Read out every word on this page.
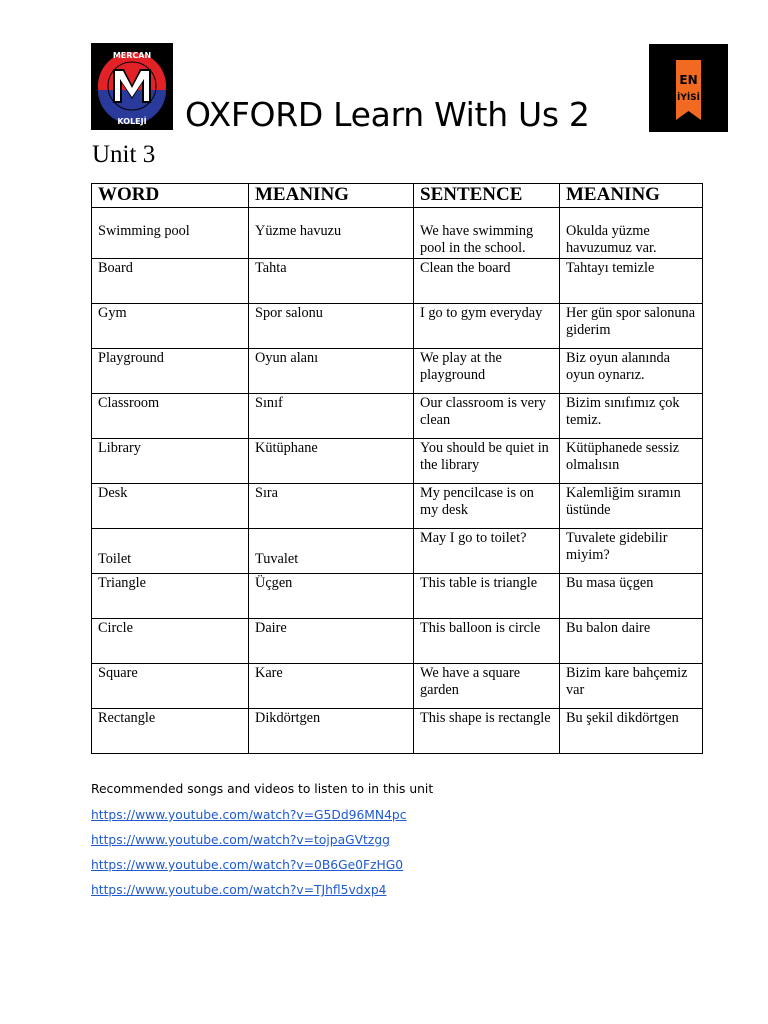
MERCAN
KOLEJİ OXFORD Learn With Us 2
EN
İYİSİ
Unit 3
WORD	MEANING	SENTENCE	MEANING
Swimming pool	Yüzme havuzu	We have swimming pool in the school.	Okulda yüzme havuzumuz var.
Board	Tahta	Clean the board	Tahtayı temizle
Gym	Spor salonu	I go to gym everyday	Her gün spor salonuna giderim
Playground	Oyun alanı	We play at the playground	Biz oyun alanında oyun oynarız.
Classroom	Sınıf	Our classroom is very clean	Bizim sınıfımız çok temiz.
Library	Kütüphane	You should be quiet in the library	Kütüphanede sessiz olmalısın
Desk	Sıra	My pencilcase is on my desk	Kalemliğim sıramın üstünde
Toilet	Tuvalet	May I go to toilet?	Tuvalete gidebilir miyim?
Triangle	Üçgen	This table is triangle	Bu masa üçgen
Circle	Daire	This balloon is circle	Bu balon daire
Square	Kare	We have a square garden	Bizim kare bahçemiz var
Rectangle	Dikdörtgen	This shape is rectangle	Bu şekil dikdörtgen

Recommended songs and videos to listen to in this unit

https://www.youtube.com/watch?v=G5Dd96MN4pc
https://www.youtube.com/watch?v=tojpaGVtzgg
https://www.youtube.com/watch?v=0B6Ge0FzHG0
https://www.youtube.com/watch?v=TJhfl5vdxp4
